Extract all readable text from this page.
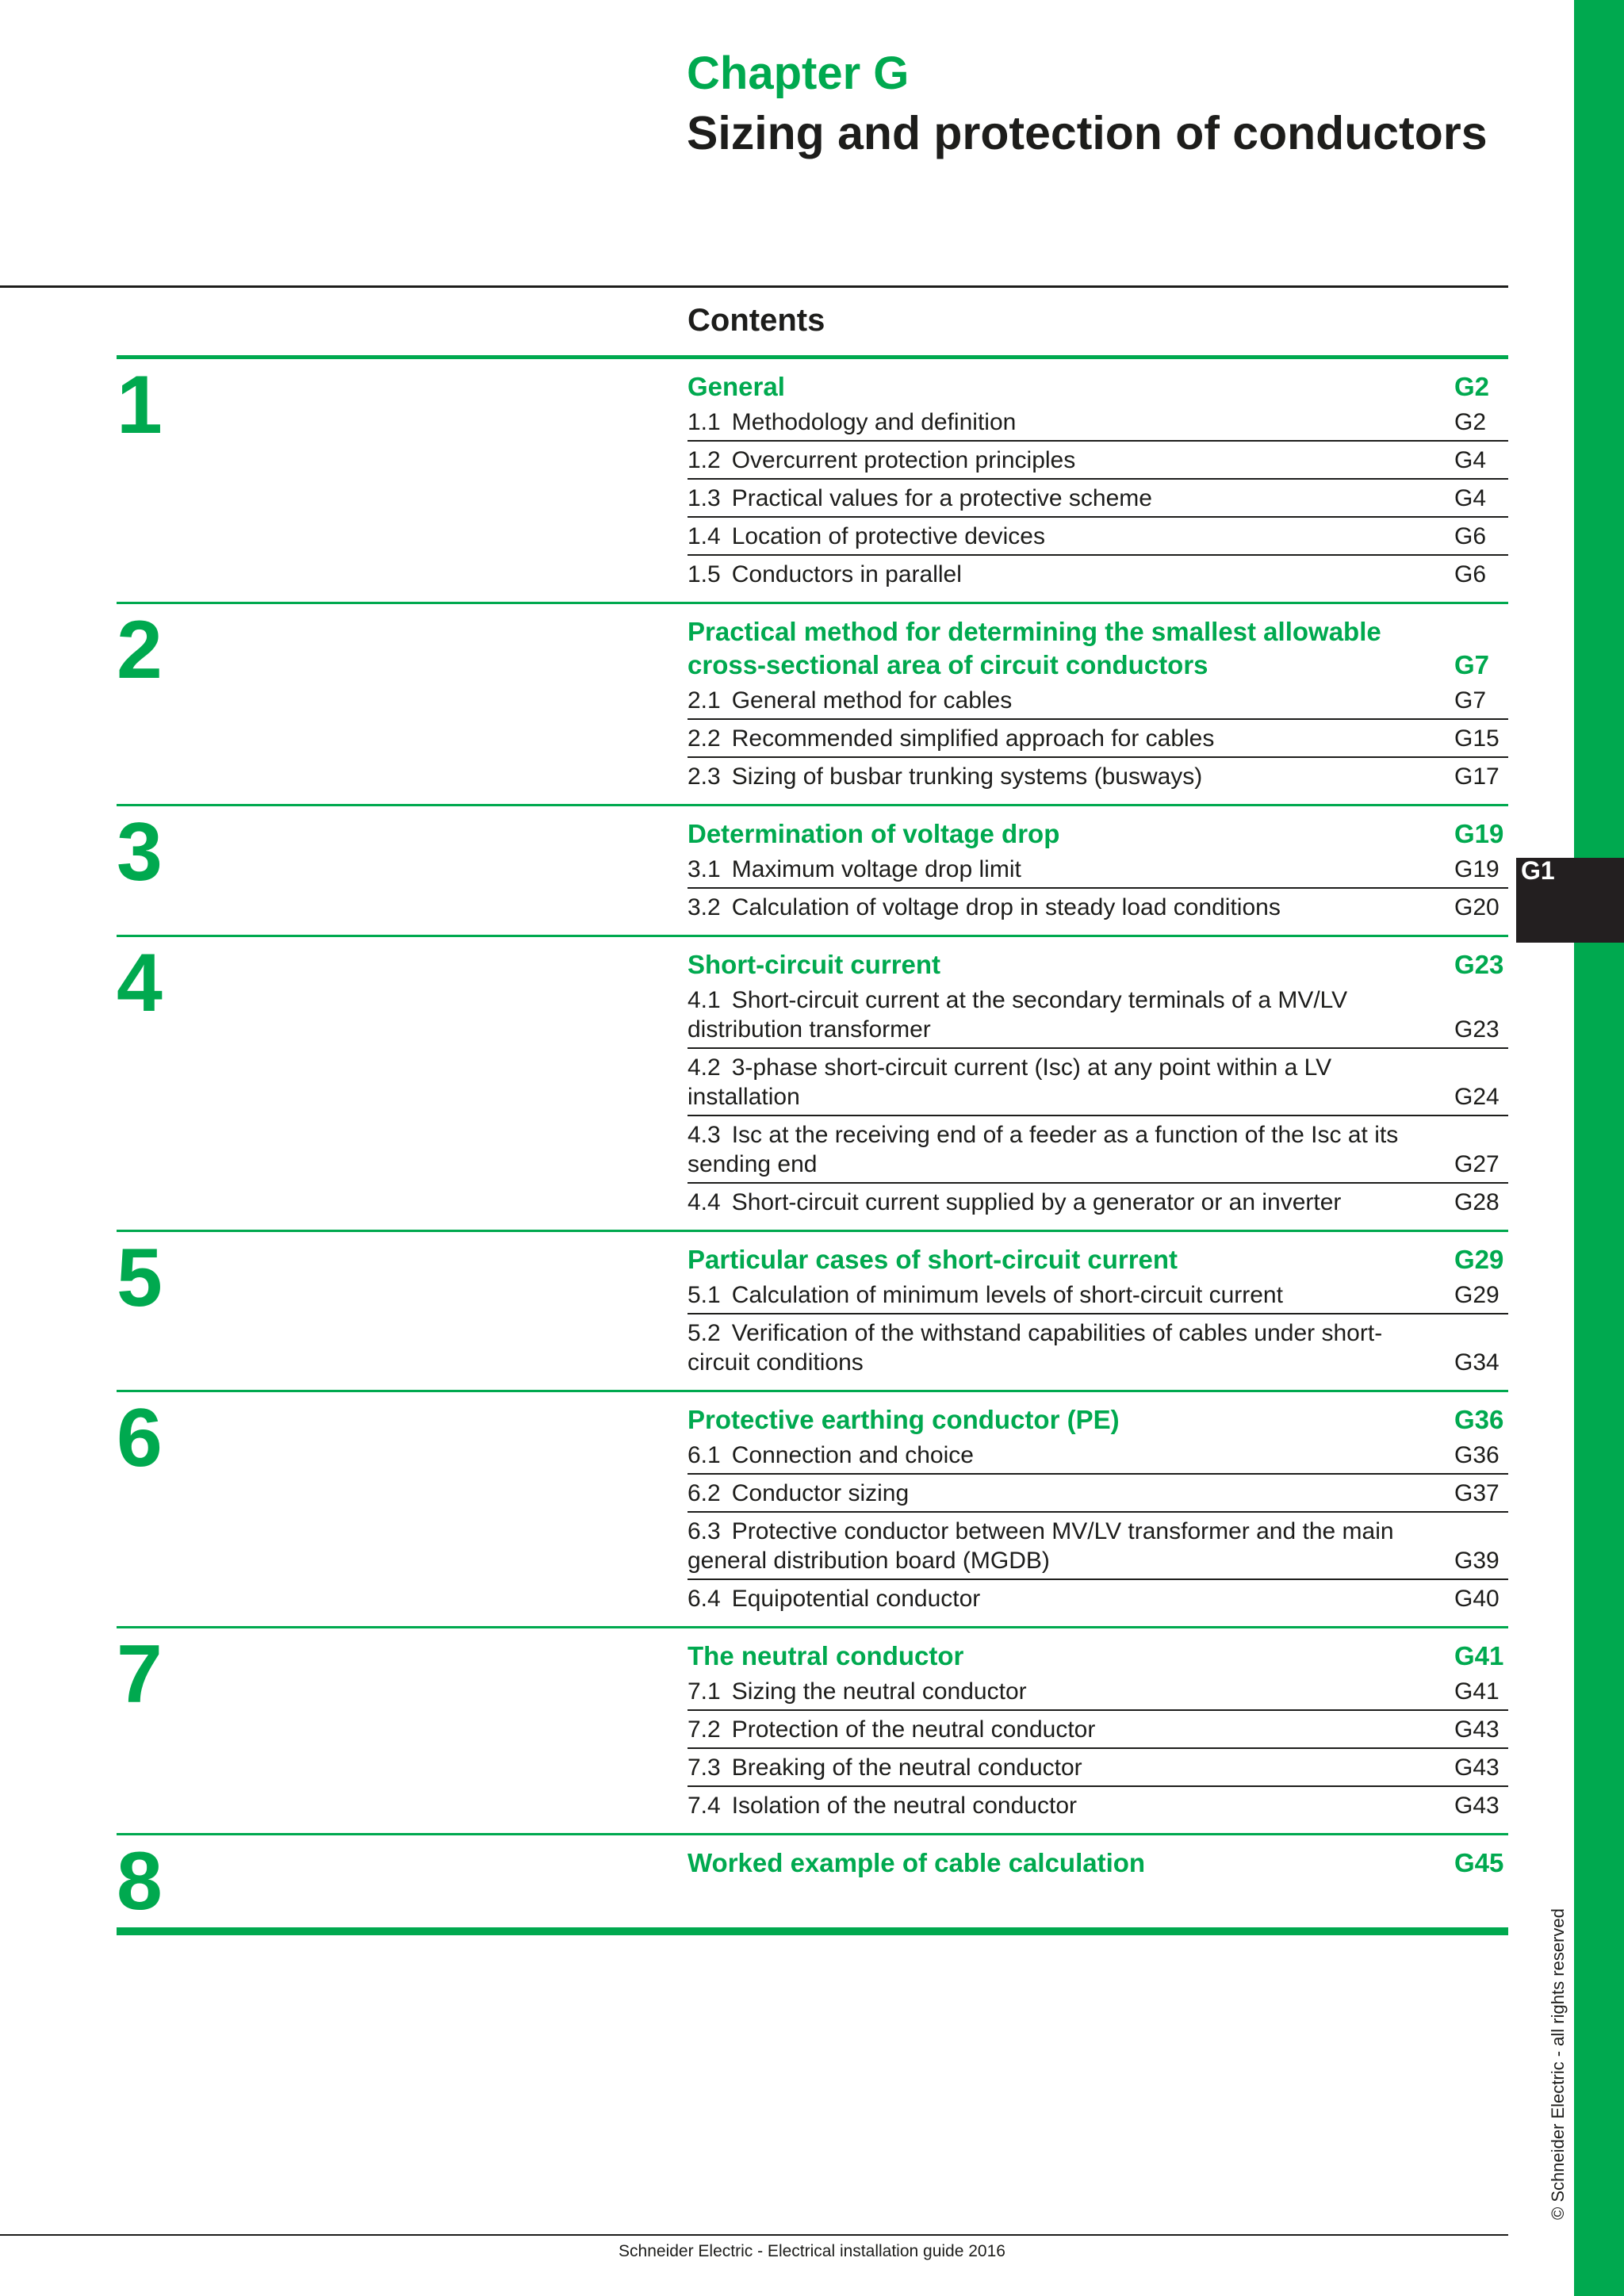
G1
© Schneider Electric - all rights reserved
Chapter G
Sizing and protection of conductors
Contents
1	General	G2
1.1 Methodology and definition	G2
1.2 Overcurrent protection principles	G4
1.3 Practical values for a protective scheme	G4
1.4 Location of protective devices	G6
1.5 Conductors in parallel	G6
2	Practical method for determining the smallest allowable cross-sectional area of circuit conductors	G7
2.1 General method for cables	G7
2.2 Recommended simplified approach for cables	G15
2.3 Sizing of busbar trunking systems (busways)	G17
3	Determination of voltage drop	G19
3.1 Maximum voltage drop limit	G19
3.2 Calculation of voltage drop in steady load conditions	G20
4	Short-circuit current	G23
4.1 Short-circuit current at the secondary terminals of a MV/LV distribution transformer	G23
4.2 3-phase short-circuit current (Isc) at any point within a LV installation	G24
4.3 Isc at the receiving end of a feeder as a function of the Isc at its sending end	G27
4.4 Short-circuit current supplied by a generator or an inverter	G28
5	Particular cases of short-circuit current	G29
5.1 Calculation of minimum levels of short-circuit current	G29
5.2 Verification of the withstand capabilities of cables under short-circuit conditions	G34
6	Protective earthing conductor (PE)	G36
6.1 Connection and choice	G36
6.2 Conductor sizing	G37
6.3 Protective conductor between MV/LV transformer and the main general distribution board (MGDB)	G39
6.4 Equipotential conductor	G40
7	The neutral conductor	G41
7.1 Sizing the neutral conductor	G41
7.2 Protection of the neutral conductor	G43
7.3 Breaking of the neutral conductor	G43
7.4 Isolation of the neutral conductor	G43
8	Worked example of cable calculation	G45
Schneider Electric - Electrical installation guide 2016
